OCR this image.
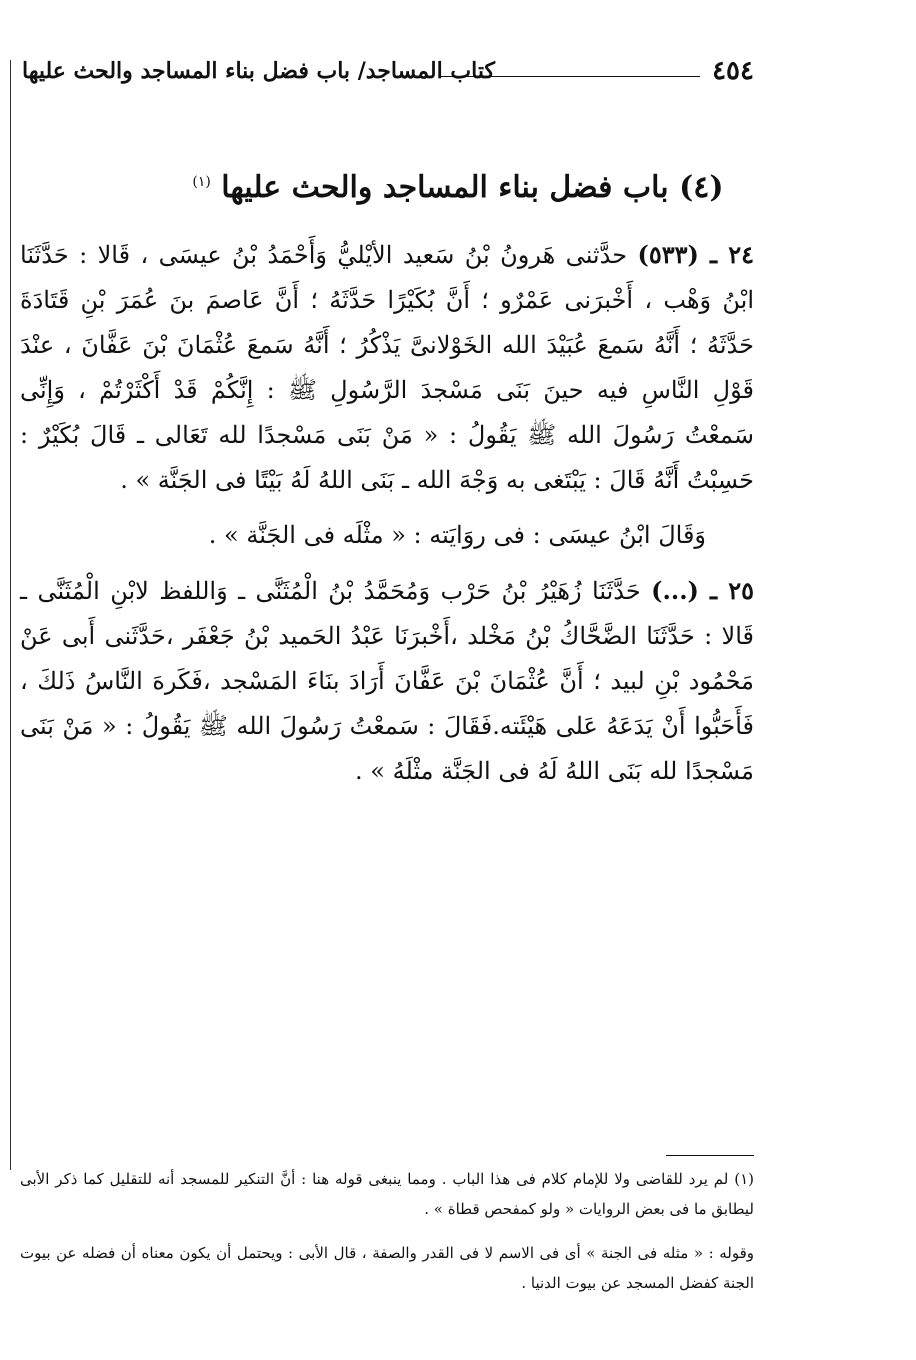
٤٥٤
كتاب المساجد/ باب فضل بناء المساجد والحث عليها
(٤) باب فضل بناء المساجد والحث عليها $^{(١)}$

٢٤ ـ (٥٣٣) حدَّثنى هَرونُ بْنُ سَعيد الأيْليُّ وَأَحْمَدُ بْنُ عيسَى ، قَالا : حَدَّثَنَا ابْنُ وَهْب ، أَخْبرَنى عَمْرٌو ؛ أَنَّ بُكَيْرًا حَدَّثَهُ ؛ أَنَّ عَاصمَ بنَ عُمَرَ بْنِ قَتَادَةَ حَدَّثَهُ ؛ أَنَّهُ سَمعَ عُبَيْدَ الله الخَوْلانىَّ يَذْكُرُ ؛ أَنَّهُ سَمعَ عُثْمَانَ بْنَ عَفَّانَ ، عنْدَ قَوْلِ النَّاسِ فيه حينَ بَنَى مَسْجدَ الرَّسُولِ ﷺ : إِنَّكُمْ قَدْ أَكْثَرْتُمْ ، وَإِنِّى سَمعْتُ رَسُولَ الله ﷺ يَقُولُ : « مَنْ بَنَى مَسْجدًا لله تَعَالى ـ قَالَ بُكَيْرٌ : حَسِبْتُ أَنَّهُ قَالَ : يَبْتَغى به وَجْهَ الله ـ بَنَى اللهُ لَهُ بَيْتًا فى الجَنَّة » .

وَقَالَ ابْنُ عيسَى : فى روَايَته : « مثْلَه فى الجَنَّة » .

٢٥ ـ (...) حَدَّثَنَا زُهَيْرُ بْنُ حَرْب وَمُحَمَّدُ بْنُ الْمُثَنَّى ـ وَاللفظ لابْنِ الْمُثَنَّى ـ قَالا : حَدَّثَنَا الضَّحَّاكُ بْنُ مَخْلد ،أَخْبرَنَا عَبْدُ الحَميد بْنُ جَعْفَر ،حَدَّثَنى أَبى عَنْ مَحْمُود بْنِ لبيد ؛ أَنَّ عُثْمَانَ بْنَ عَفَّانَ أَرَادَ بنَاءَ المَسْجد ،فَكَرهَ النَّاسُ ذَلكَ ، فَأَحَبُّوا أَنْ يَدَعَهُ عَلى هَيْئَته.فَقَالَ : سَمعْتُ رَسُولَ الله ﷺ يَقُولُ : « مَنْ بَنَى مَسْجدًا لله بَنَى اللهُ لَهُ فى الجَنَّة مثْلَهُ » .

(١) لم يرد للقاضى ولا للإمام كلام فى هذا الباب . ومما ينبغى قوله هنا : أنَّ التنكير للمسجد أنه للتقليل كما ذكر الأبى ليطابق ما فى بعض الروايات « ولو كمفحص قطاة » .

وقوله : « مثله فى الجنة » أى فى الاسم لا فى القدر والصفة ، قال الأبى : ويحتمل أن يكون معناه أن فضله عن بيوت الجنة كفضل المسجد عن بيوت الدنيا .
